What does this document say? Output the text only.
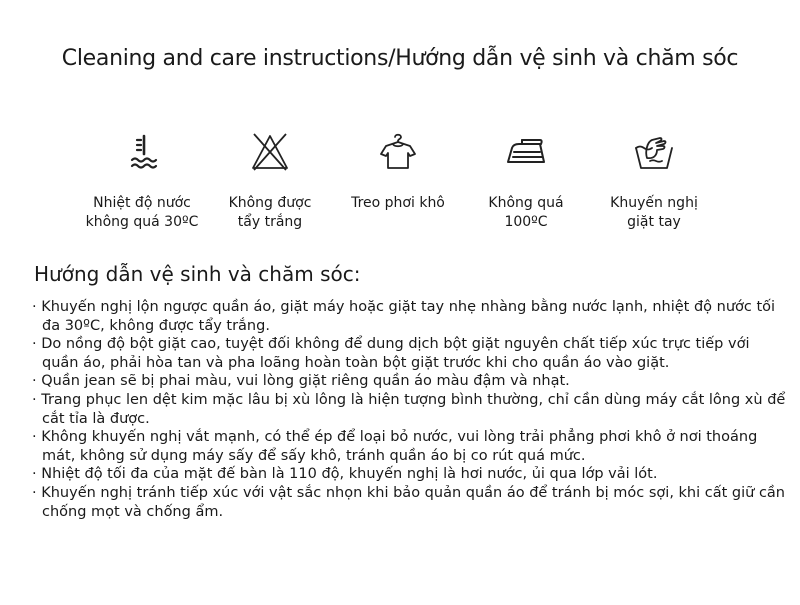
Cleaning and care instructions/Hướng dẫn vệ sinh và chăm sóc
Nhiệt độ nước
không quá 30ºC
Không được
tẩy trắng
Treo phơi khô	Không quá
100ºC
Khuyến nghị
giặt tay
Hướng dẫn vệ sinh và chăm sóc:
· Khuyến nghị lộn ngược quần áo, giặt máy hoặc giặt tay nhẹ nhàng bằng nước lạnh, nhiệt độ nước tối đa 30ºC, không được tẩy trắng.
· Do nồng độ bột giặt cao, tuyệt đối không để dung dịch bột giặt nguyên chất tiếp xúc trực tiếp với quần áo, phải hòa tan và pha loãng hoàn toàn bột giặt trước khi cho quần áo vào giặt.
· Quần jean sẽ bị phai màu, vui lòng giặt riêng quần áo màu đậm và nhạt.
· Trang phục len dệt kim mặc lâu bị xù lông là hiện tượng bình thường, chỉ cần dùng máy cắt lông xù để cắt tỉa là được.
· Không khuyến nghị vắt mạnh, có thể ép để loại bỏ nước, vui lòng trải phẳng phơi khô ở nơi thoáng mát, không sử dụng máy sấy để sấy khô, tránh quần áo bị co rút quá mức.
· Nhiệt độ tối đa của mặt đế bàn là 110 độ, khuyến nghị là hơi nước, ủi qua lớp vải lót.
· Khuyến nghị tránh tiếp xúc với vật sắc nhọn khi bảo quản quần áo để tránh bị móc sợi, khi cất giữ cần chống mọt và chống ẩm.
